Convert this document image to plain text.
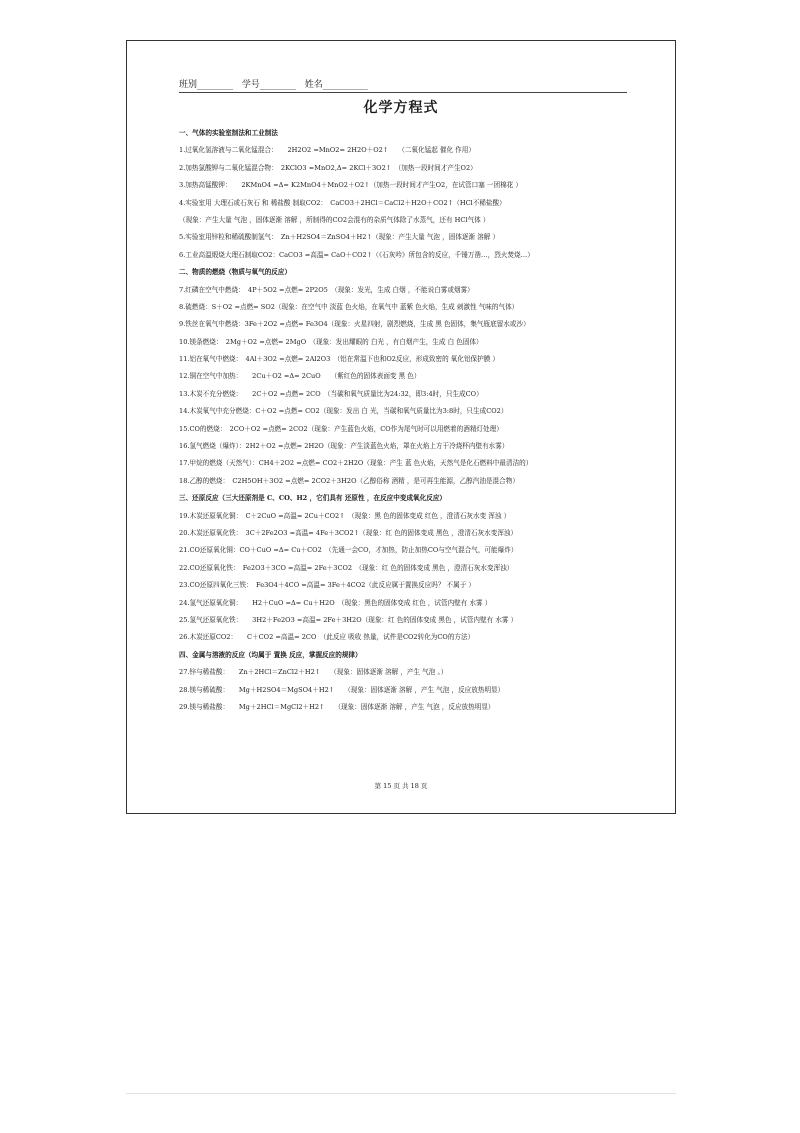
班别________ 学号________ 姓名__________
化学方程式
一、气体的实验室制法和工业制法
1.过氧化氢溶液与二氧化锰混合：　　2H2O2 =MnO2= 2H2O＋O2↑　　（二氧化锰起 催化 作用）
2.加热氯酸钾与二氧化锰混合物：　2KClO3 =MnO2,Δ= 2KCl＋3O2↑　（加热一段时间才产生O2）
3.加热高锰酸钾：　　2KMnO4 =Δ= K2MnO4＋MnO2＋O2↑（加热一段时间才产生O2，在试管口塞 一团棉花 ）
4.实验室用 大理石或石灰石 和 稀盐酸 制取CO2：　CaCO3＋2HCl＝CaCl2＋H2O＋CO2↑（HCl不稀盐酸）
（现象：产生大量 气泡 ，固体逐渐 溶解 ，所制得的CO2会混有的杂质气体除了水蒸气，还有 HCl气体 ）
5.实验室用锌粒和稀硫酸制氢气：　Zn＋H2SO4＝ZnSO4＋H2↑（现象：产生大量 气泡 ，固体逐渐 溶解 ）
6.工业高温煅烧大理石制取CO2：CaCO3 =高温= CaO＋CO2↑（《石灰吟》所包含的反应，千锤万凿…，烈火焚烧…）
二、物质的燃烧（物质与氧气的反应）
7.红磷在空气中燃烧：　4P＋5O2 =点燃= 2P2O5　（现象：发光，生成 白烟 ，不能说白雾或烟雾）
8.硫燃烧：S＋O2 =点燃= SO2（现象：在空气中 淡蓝 色火焰，在氧气中 蓝紫 色火焰，生成 刺激性 气味的气体）
9.铁丝在氧气中燃烧：3Fe＋2O2 =点燃= Fe3O4（现象：火星四射，剧烈燃烧，生成 黑 色固体，集气瓶底留水或沙）
10.镁条燃烧：　2Mg＋O2 =点燃= 2MgO　（现象：发出耀眼的 白光 ，有白烟产生，生成 白 色固体）
11.铝在氧气中燃烧：　4Al＋3O2 =点燃= 2Al2O3　（铝在常温下也和O2反应，形成致密的 氧化铝保护膜 ）
12.铜在空气中加热：　　2Cu＋O2 =Δ= 2CuO　　（紫红色的固体表面变 黑 色）
13.木炭不充分燃烧：　　2C＋O2 =点燃= 2CO　（当碳和氧气质量比为24:32，即3:4时，只生成CO）
14.木炭氧气中充分燃烧：C＋O2 =点燃= CO2（现象：发出 白 光，当碳和氧气质量比为3:8时，只生成CO2）
15.CO的燃烧：　2CO＋O2 =点燃= 2CO2（现象：产生蓝色火焰，CO作为尾气时可以用燃着的酒精灯处理）
16.氢气燃烧（爆炸）：2H2＋O2 =点燃= 2H2O（现象：产生淡蓝色火焰，罩在火焰上方干冷烧杯内壁有水雾）
17.甲烷的燃烧（天然气）：CH4＋2O2 =点燃= CO2＋2H2O（现象：产生 蓝 色火焰，天然气是化石燃料中最清洁的）
18.乙醇的燃烧：　C2H5OH＋3O2 =点燃= 2CO2＋3H2O（乙醇俗称 酒精 ，是可再生能源，乙醇汽油是混合物）
三、还原反应（三大还原剂是 C、CO、H2 ，它们具有 还原性 ，在反应中变成氧化反应）
19.木炭还原氧化铜：　C＋2CuO =高温= 2Cu＋CO2↑　（现象：黑 色的固体变成 红色 ，澄清石灰水变 浑浊 ）
20.木炭还原氧化铁：　3C＋2Fe2O3 =高温= 4Fe＋3CO2↑（现象：红 色的固体变成 黑色 ，澄清石灰水变浑浊）
21.CO还原氧化铜：CO＋CuO =Δ= Cu＋CO2　（先通一会CO，才加热，防止加热CO与空气混合气，可能爆炸）
22.CO还原氧化铁：　Fe2O3＋3CO =高温= 2Fe＋3CO2　（现象：红 色的固体变成 黑色 ，澄清石灰水变浑浊）
23.CO还原四氧化三铁：　Fe3O4＋4CO =高温= 3Fe＋4CO2（此反应属于置换反应吗？ 不属于 ）
24.氢气还原氧化铜：　　H2＋CuO =Δ= Cu＋H2O　（现象：黑色的固体变成 红色 ，试管内壁有 水雾 ）
25.氢气还原氧化铁：　　3H2＋Fe2O3 =高温= 2Fe＋3H2O（现象：红 色的固体变成 黑色 ，试管内壁有 水雾 ）
26.木炭还原CO2：　　C＋CO2 =高温= 2CO　（此反应 吸收 热量，试件是CO2转化为CO的方法）
四、金属与溶液的反应（均属于 置换 反应，掌握反应的规律）
27.锌与稀盐酸：　　Zn＋2HCl＝ZnCl2＋H2↑　　（现象：固体逐渐 溶解 ，产生 气泡 。）
28.镁与稀硫酸：　　Mg＋H2SO4＝MgSO4＋H2↑　　（现象：固体逐渐 溶解 ，产生 气泡 ，反应放热明显）
29.镁与稀盐酸：　　Mg＋2HCl＝MgCl2＋H2↑　　（现象：固体逐渐 溶解 ，产生 气泡 ，反应放热明显）
第 15 页 共 18 页
